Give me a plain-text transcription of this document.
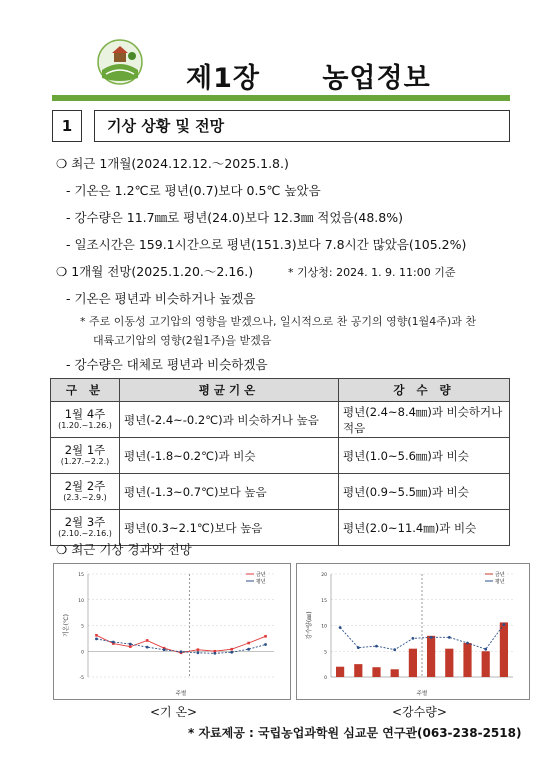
제1장      농업정보
1	기상 상황 및 전망
❍ 최근 1개월(2024.12.12.～2025.1.8.)
- 기온은 1.2℃로 평년(0.7)보다 0.5℃ 높았음
- 강수량은 11.7㎜로 평년(24.0)보다 12.3㎜ 적었음(48.8%)
- 일조시간은 159.1시간으로 평년(151.3)보다 7.8시간 많았음(105.2%)
❍ 1개월 전망(2025.1.20.～2.16.)	* 기상청: 2024. 1. 9. 11:00 기준
- 기온은 평년과 비슷하거나 높겠음
* 주로 이동성 고기압의 영향을 받겠으나, 일시적으로 찬 공기의 영향(1월4주)과 찬
대륙고기압의 영향(2월1주)을 받겠음
- 강수량은 대체로 평년과 비슷하겠음
구 분	평균기온	강 수 량

1월 4주
(1.20.~1.26.)	평년(-2.4~-0.2℃)과 비슷하거나 높음	평년(2.4~8.4㎜)과 비슷하거나 적음

2월 1주
(1.27.~2.2.)	평년(-1.8~0.2℃)과 비슷	평년(1.0~5.6㎜)과 비슷

2월 2주
(2.3.~2.9.)	평년(-1.3~0.7℃)보다 높음	평년(0.9~5.5㎜)과 비슷

2월 3주
(2.10.~2.16.)	평년(0.3~2.1℃)보다 높음	평년(2.0~11.4㎜)과 비슷
❍ 최근 기상 경과와 전망
-5
0
5
10
15
기온(℃)
주별
금년
평년
0
5
10
15
20
강수량(㎜)
주별
금년
평년
<기 온>	<강수량>
* 자료제공 : 국립농업과학원 심교문 연구관(063-238-2518)
